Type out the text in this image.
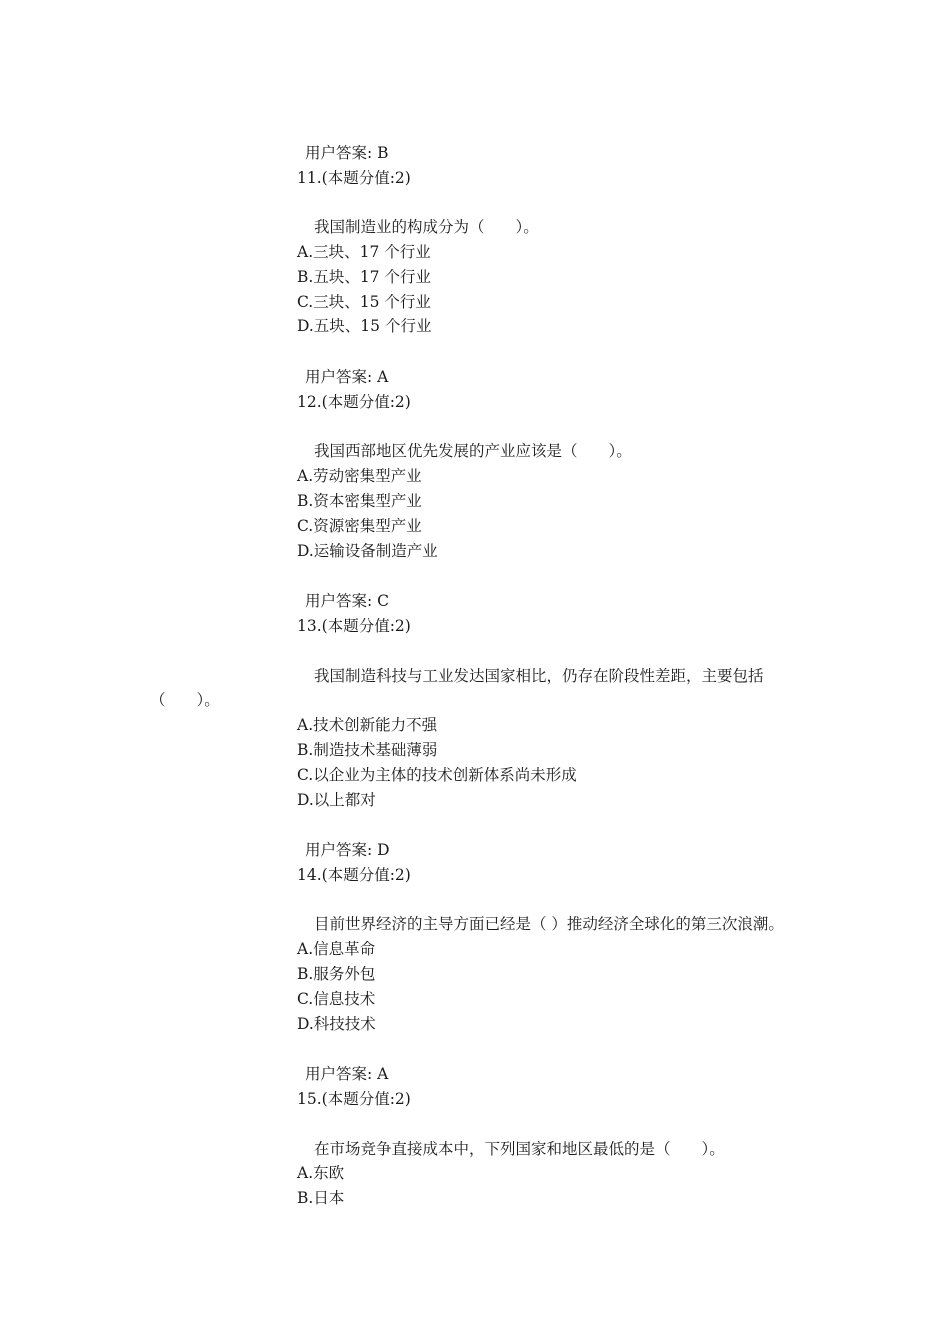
用户答案: B
11.(本题分值:2)
我国制造业的构成分为（　　）。
A.三块、17 个行业
B.五块、17 个行业
C.三块、15 个行业
D.五块、15 个行业
用户答案: A
12.(本题分值:2)
我国西部地区优先发展的产业应该是（　　）。
A.劳动密集型产业
B.资本密集型产业
C.资源密集型产业
D.运输设备制造产业
用户答案: C
13.(本题分值:2)
我国制造科技与工业发达国家相比，仍存在阶段性差距，主要包括
（　　）。
A.技术创新能力不强
B.制造技术基础薄弱
C.以企业为主体的技术创新体系尚未形成
D.以上都对
用户答案: D
14.(本题分值:2)
目前世界经济的主导方面已经是（ ）推动经济全球化的第三次浪潮。
A.信息革命
B.服务外包
C.信息技术
D.科技技术
用户答案: A
15.(本题分值:2)
在市场竞争直接成本中，下列国家和地区最低的是（　　）。
A.东欧
B.日本
